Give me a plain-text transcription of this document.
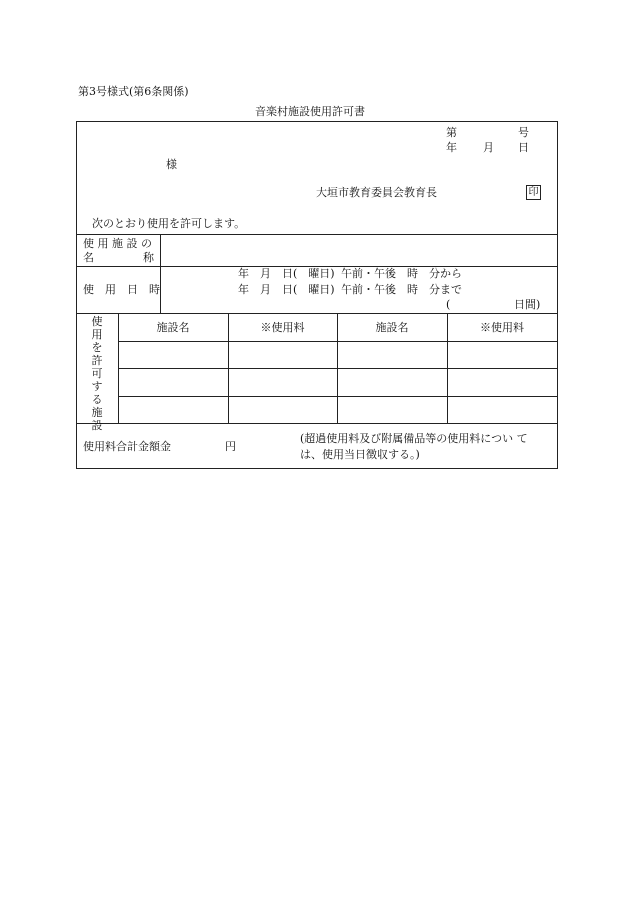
第3号様式(第6条関係)
音楽村施設使用許可書
第	号
年 月 日
様
大垣市教育委員会教育長	印
次のとおり使用を許可します。
使 用 施 設 の
名	称
使　用　日　時
年　月　日(　曜日) 午前・午後　時　分から
年　月　日(　曜日) 午前・午後　時　分まで
(	日間)
使用を許可する施設
施設名	※使用料	施設名	※使用料
使用料合計金額金	円
(超過使用料及び附属備品等の使用料につい て
は、使用当日徴収する。)
